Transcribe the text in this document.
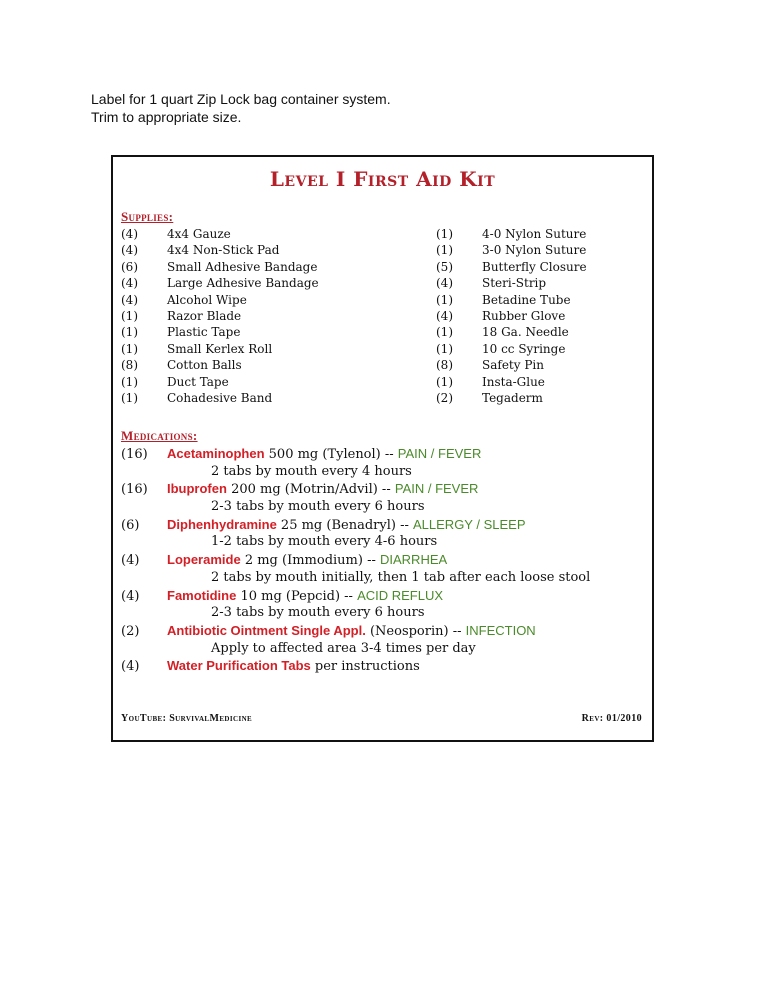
Label for 1 quart Zip Lock bag container system.
Trim to appropriate size.
Level I First Aid Kit
Supplies:
(4)	4x4 Gauze
(4)	4x4 Non-Stick Pad
(6)	Small Adhesive Bandage
(4)	Large Adhesive Bandage
(4)	Alcohol Wipe
(1)	Razor Blade
(1)	Plastic Tape
(1)	Small Kerlex Roll
(8)	Cotton Balls
(1)	Duct Tape
(1)	Cohadesive Band
(1)	4-0 Nylon Suture
(1)	3-0 Nylon Suture
(5)	Butterfly Closure
(4)	Steri-Strip
(1)	Betadine Tube
(4)	Rubber Glove
(1)	18 Ga. Needle
(1)	10 cc Syringe
(8)	Safety Pin
(1)	Insta-Glue
(2)	Tegaderm
Medications:
(16) Acetaminophen 500 mg (Tylenol) -- PAIN / FEVER
2 tabs by mouth every 4 hours
(16) Ibuprofen 200 mg (Motrin/Advil) -- PAIN / FEVER
2-3 tabs by mouth every 6 hours
(6) Diphenhydramine 25 mg (Benadryl) -- ALLERGY / SLEEP
1-2 tabs by mouth every 4-6 hours
(4) Loperamide 2 mg (Immodium) -- DIARRHEA
2 tabs by mouth initially, then 1 tab after each loose stool
(4) Famotidine 10 mg (Pepcid) -- ACID REFLUX
2-3 tabs by mouth every 6 hours
(2) Antibiotic Ointment Single Appl. (Neosporin) -- INFECTION
Apply to affected area 3-4 times per day
(4) Water Purification Tabs per instructions
YouTube: SurvivalMedicine	Rev: 01/2010
